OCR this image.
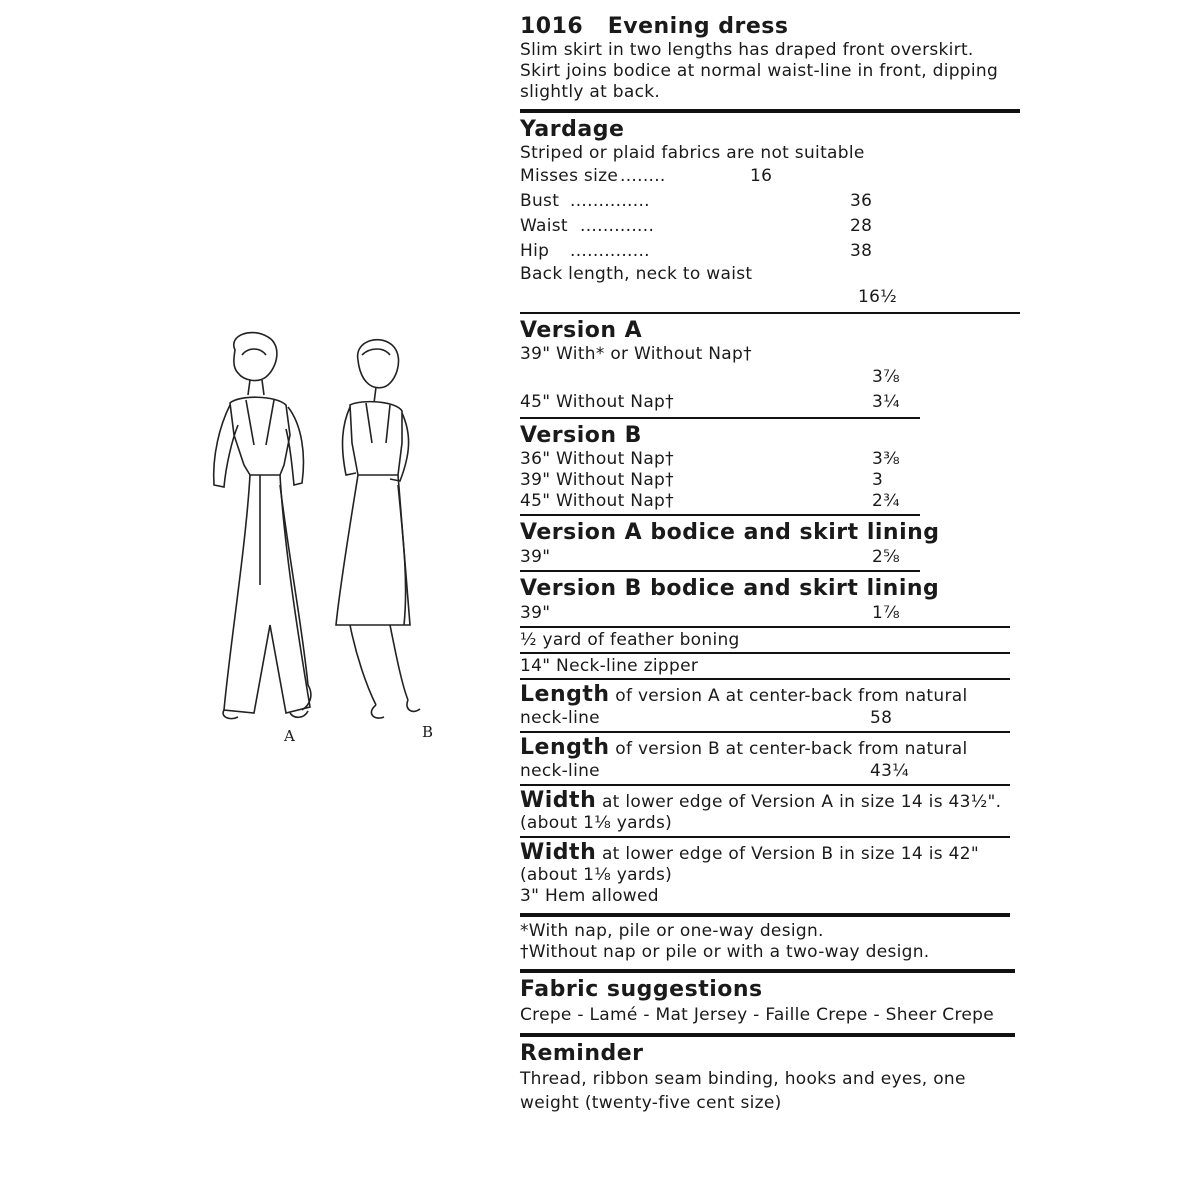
A	B
1016 Evening dress
Slim skirt in two lengths has draped front overskirt. Skirt joins bodice at normal waist-line in front, dipping slightly at back.
Yardage
Striped or plaid fabrics are not suitable
Misses size ........	16
Bust ..............	36
Waist .............	28
Hip	..............	38
Back length, neck to waist
16½
Version A
39" With* or Without Nap†
3⅞
45" Without Nap†	3¼
Version B
36" Without Nap†	3⅜
39" Without Nap†	3
45" Without Nap†	2¾
Version A bodice and skirt lining
39"	2⅝
Version B bodice and skirt lining
39"	1⅞
½ yard of feather boning
14" Neck-line zipper
Length of version A at center-back from natural
neck-line	58
Length of version B at center-back from natural
neck-line	43¼
Width at lower edge of Version A in size 14 is 43½".
(about 1⅛ yards)
Width at lower edge of Version B in size 14 is 42"
(about 1⅛ yards)
3" Hem allowed
*With nap, pile or one-way design.
†Without nap or pile or with a two-way design.
Fabric suggestions
Crepe - Lamé - Mat Jersey - Faille Crepe - Sheer Crepe
Reminder
Thread, ribbon seam binding, hooks and eyes, one weight (twenty-five cent size)
